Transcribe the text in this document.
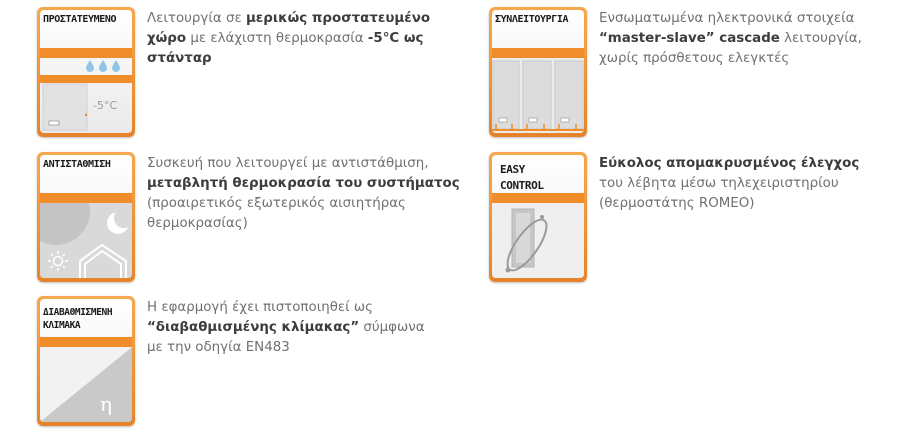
ΠΡΟΣΤΑΤΕΥΜΕΝΟ
-5°C
Λειτουργία σε μερικώς προστατευμένο
χώρο με ελάχιστη θερμοκρασία -5°C ως
στάνταρ
ΣΥΝΛΕΙΤΟΥΡΓΙΑ	Ενσωματωμένα ηλεκτρονικά στοιχεία
“master-slave” cascade λειτουργία,
χωρίς πρόσθετους ελεγκτές
ΑΝΤΙΣΤΑΘΜΙΣΗ	Συσκευή που λειτουργεί με αντιστάθμιση,
μεταβλητή θερμοκρασία του συστήματος
(προαιρετικός εξωτερικός αισιητήρας
θερμοκρασίας)
EASY
CONTROL
Εύκολος απομακρυσμένος έλεγχος
του λέβητα μέσω τηλεχειριστηρίου
(θερμοστάτης ROMEO)
ΔΙΑΒΑΘΜΙΣΜΕΝΗ
ΚΛΙΜΑΚΑ
η
Η εφαρμογή έχει πιστοποιηθεί ως
“διαβαθμισμένης κλίμακας” σύμφωνα
με την οδηγία EN483
